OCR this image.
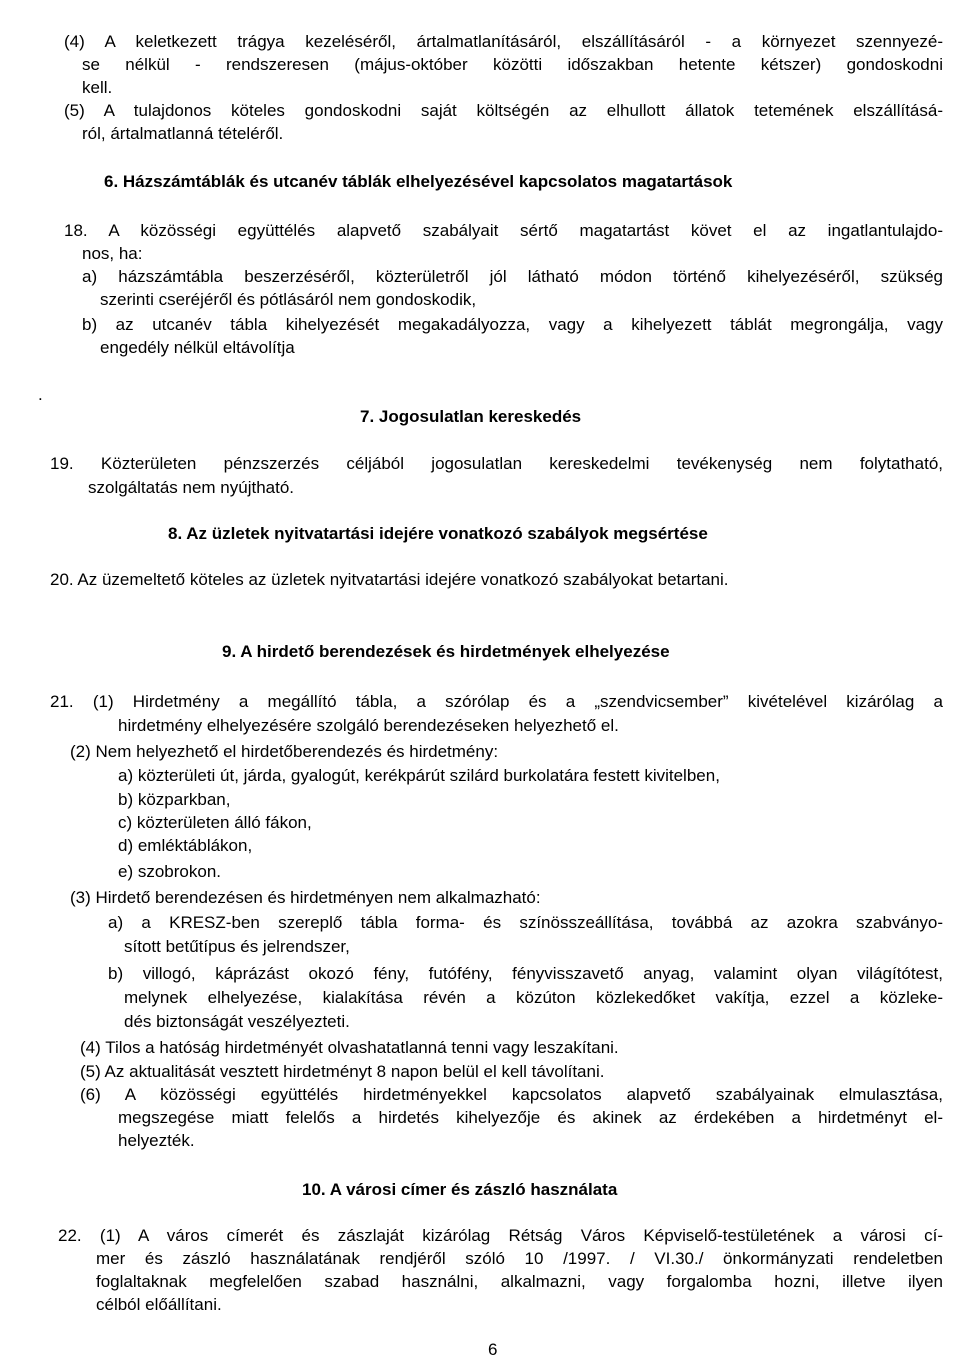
(4) A keletkezett trágya kezeléséről, ártalmatlanításáról, elszállításáról - a környezet szennyezé-
se nélkül - rendszeresen (május-október közötti időszakban hetente kétszer) gondoskodni
kell.
(5) A tulajdonos köteles gondoskodni saját költségén az elhullott állatok tetemének elszállításá-
ról, ártalmatlanná tételéről.
6. Házszámtáblák és utcanév táblák elhelyezésével kapcsolatos magatartások
18. A közösségi együttélés alapvető szabályait sértő magatartást követ el az ingatlantulajdo-
nos, ha:
a) házszámtábla beszerzéséről, közterületről jól látható módon történő kihelyezéséről, szükség
szerinti cseréjéről és pótlásáról nem gondoskodik,
b) az utcanév tábla kihelyezését megakadályozza, vagy a kihelyezett táblát megrongálja, vagy
engedély nélkül eltávolítja
.
7. Jogosulatlan kereskedés
19. Közterületen pénzszerzés céljából jogosulatlan kereskedelmi tevékenység nem folytatható,
szolgáltatás nem nyújtható.
8. Az üzletek nyitvatartási idejére vonatkozó szabályok megsértése
20. Az üzemeltető köteles az üzletek nyitvatartási idejére vonatkozó szabályokat betartani.
9. A hirdető berendezések és hirdetmények elhelyezése
21. (1) Hirdetmény a megállító tábla, a szórólap és a „szendvicsember” kivételével kizárólag a
hirdetmény elhelyezésére szolgáló berendezéseken helyezhető el.
(2) Nem helyezhető el hirdetőberendezés és hirdetmény:
a) közterületi út, járda, gyalogút, kerékpárút szilárd burkolatára festett kivitelben,
b) közparkban,
c) közterületen álló fákon,
d) emléktáblákon,
e) szobrokon.
(3) Hirdető berendezésen és hirdetményen nem alkalmazható:
a) a KRESZ-ben szereplő tábla forma- és színösszeállítása, továbbá az azokra szabványo-
sított betűtípus és jelrendszer,
b) villogó, káprázást okozó fény, futófény, fényvisszavető anyag, valamint olyan világítótest,
melynek elhelyezése, kialakítása révén a közúton közlekedőket vakítja, ezzel a közleke-
dés biztonságát veszélyezteti.
(4) Tilos a hatóság hirdetményét olvashatatlanná tenni vagy leszakítani.
(5) Az aktualitását vesztett hirdetményt 8 napon belül el kell távolítani.
(6) A közösségi együttélés hirdetményekkel kapcsolatos alapvető szabályainak elmulasztása,
megszegése miatt felelős a hirdetés kihelyezője és akinek az érdekében a hirdetményt el-
helyezték.
10. A városi címer és zászló használata
22. (1) A város címerét és zászlaját kizárólag Rétság Város Képviselő-testületének a városi cí-
mer és zászló használatának rendjéről szóló 10 /1997. / VI.30./ önkormányzati rendeletben
foglaltaknak megfelelően szabad használni, alkalmazni, vagy forgalomba hozni, illetve ilyen
célból előállítani.
6
